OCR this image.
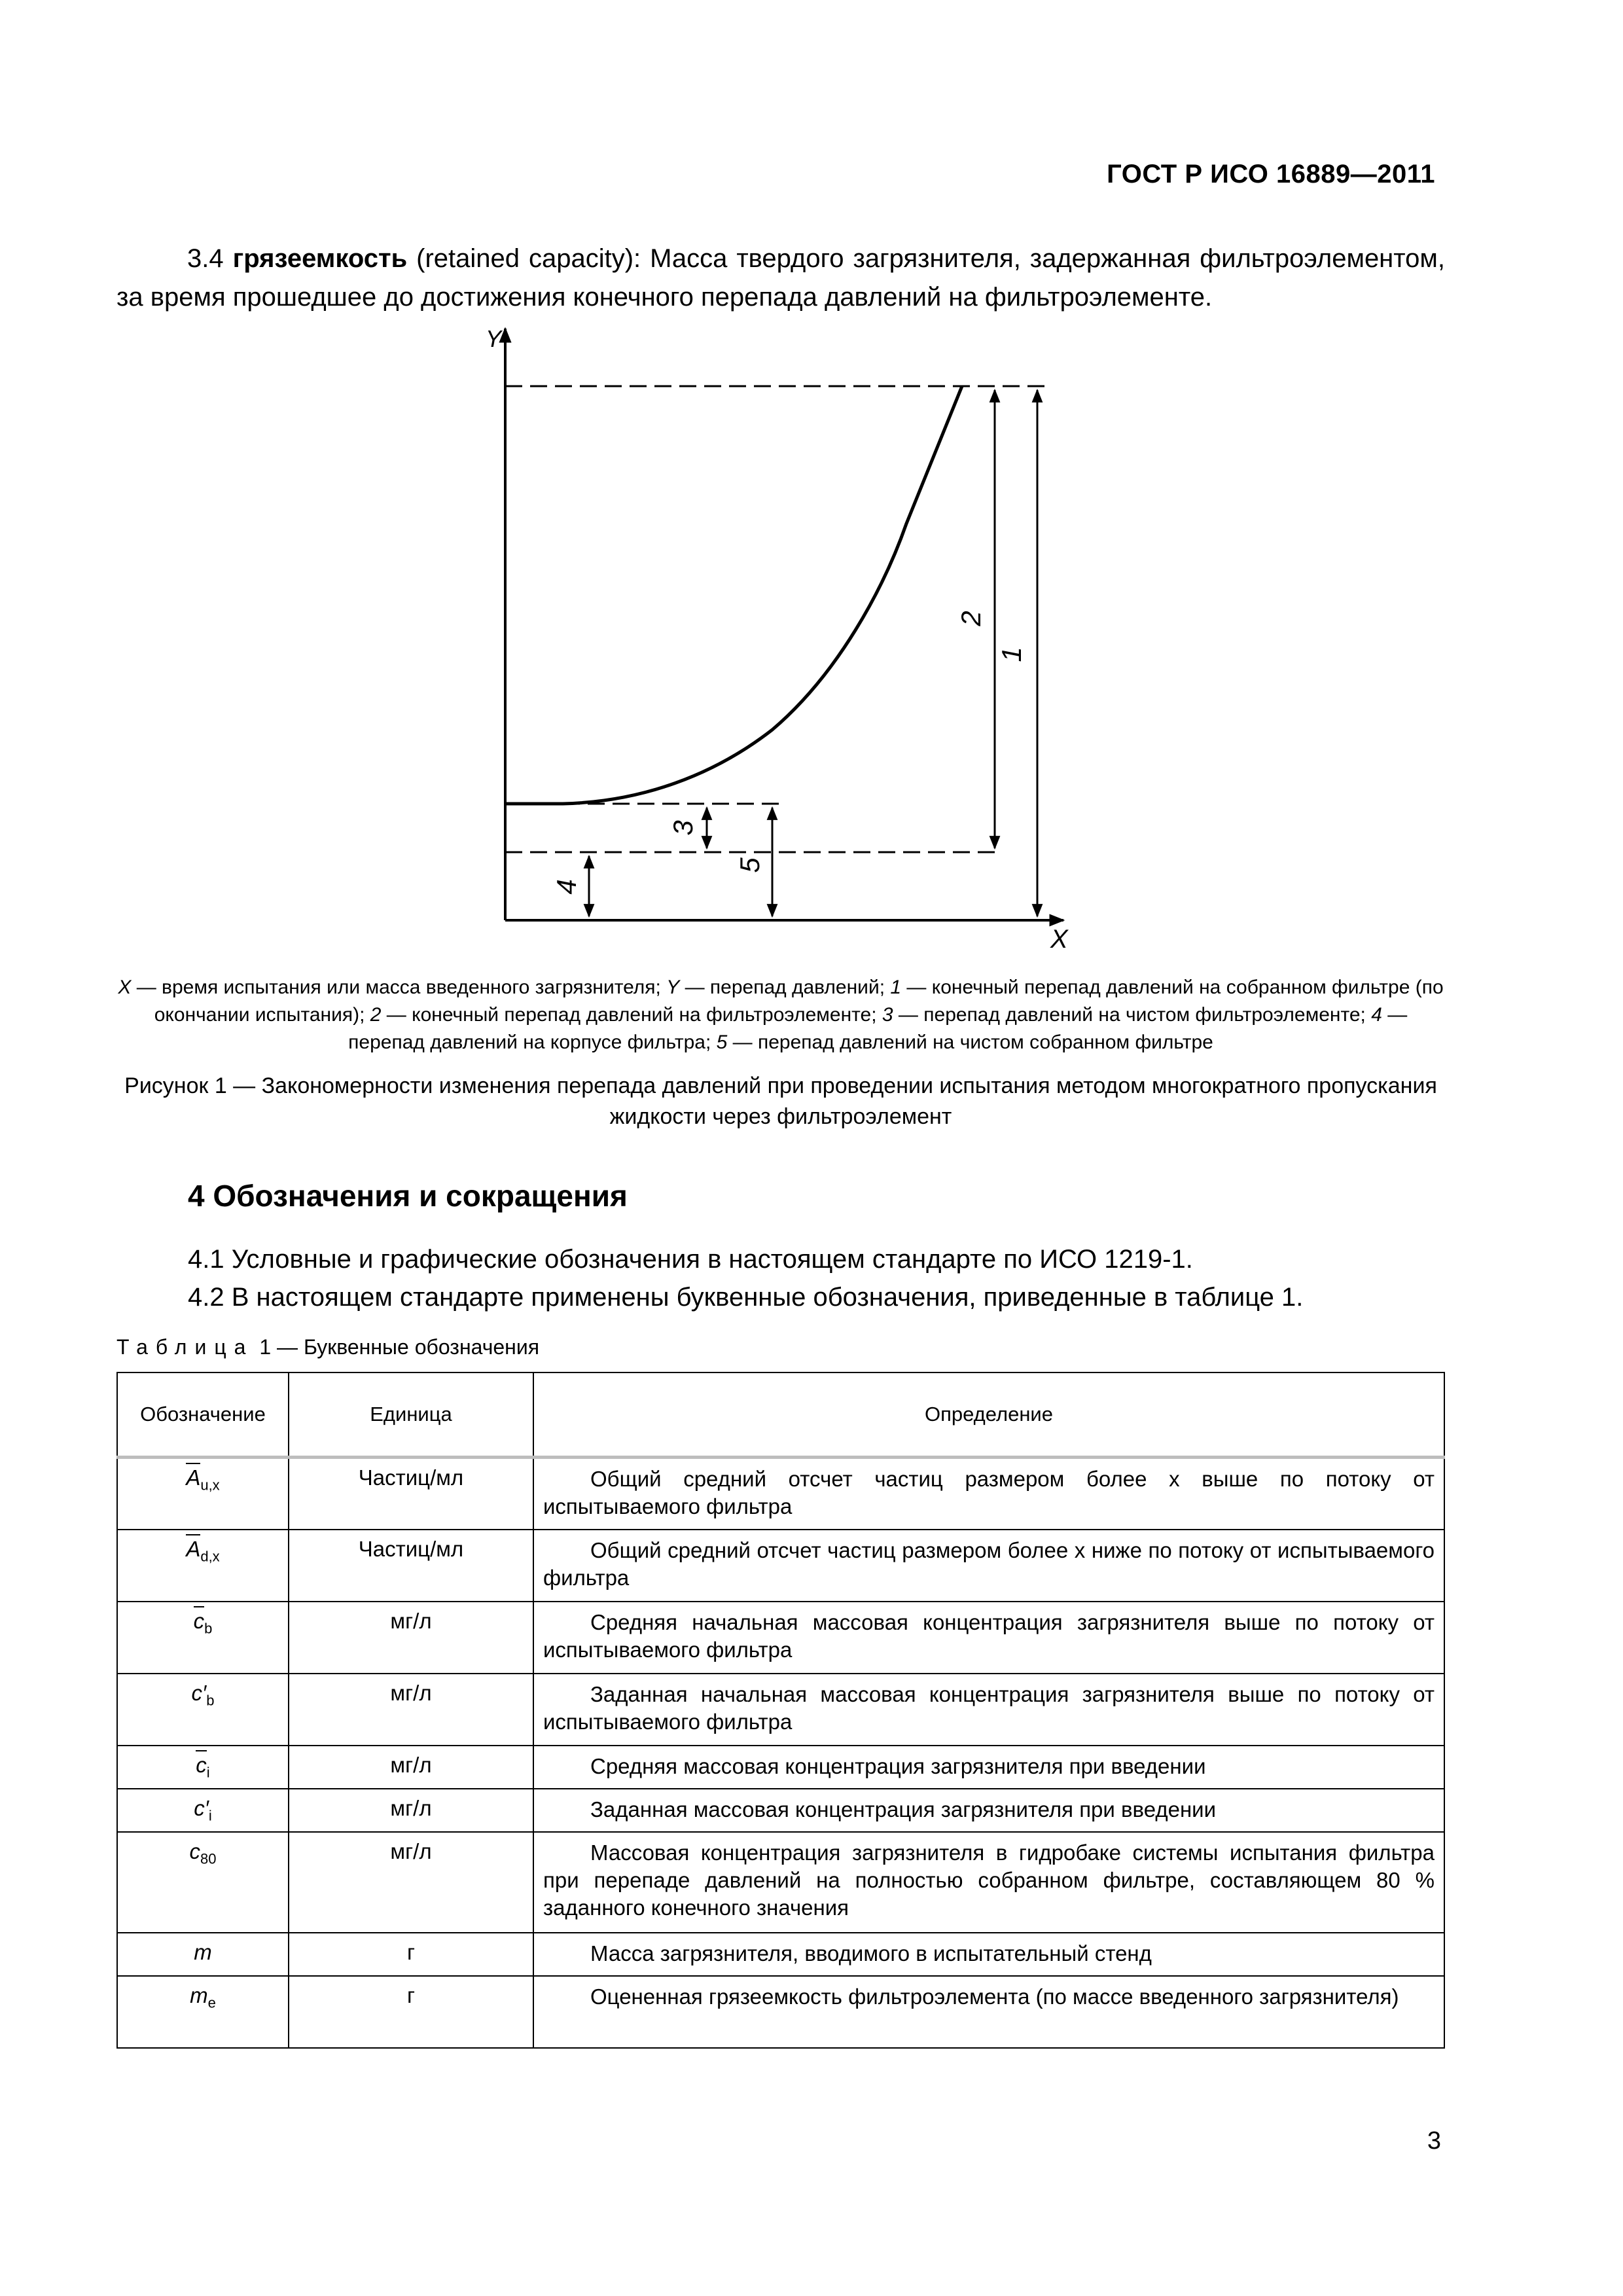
ГОСТ Р ИСО 16889—2011
3.4 грязеемкость (retained capacity): Масса твердого загрязнителя, задержанная фильтроэлементом, за время прошедшее до достижения конечного перепада давлений на фильтроэлементе.
Y
X
1
2
3
4
5
X — время испытания или масса введенного загрязнителя; Y — перепад давлений; 1 — конечный перепад давлений на собранном фильтре (по окончании испытания); 2 — конечный перепад давлений на фильтроэлементе; 3 — перепад давлений на чистом фильтроэлементе; 4 — перепад давлений на корпусе фильтра; 5 — перепад давлений на чистом собранном фильтре
Рисунок 1 — Закономерности изменения перепада давлений при проведении испытания методом многократного пропускания жидкости через фильтроэлемент
4 Обозначения и сокращения
4.1 Условные и графические обозначения в настоящем стандарте по ИСО 1219-1.
4.2 В настоящем стандарте применены буквенные обозначения, приведенные в таблице 1.
Таблица 1 — Буквенные обозначения
Обозначение	Единица	Определение
$A_{u,x}$	Частиц/мл	Общий средний отсчет частиц размером более x выше по потоку от испытываемого фильтра
$A_{d,x}$	Частиц/мл	Общий средний отсчет частиц размером более x ниже по потоку от испытываемого фильтра
$c_b$	мг/л	Средняя начальная массовая концентрация загрязнителя выше по потоку от испытываемого фильтра
$c'_b$	мг/л	Заданная начальная массовая концентрация загрязнителя выше по потоку от испытываемого фильтра
$c_i$	мг/л	Средняя массовая концентрация загрязнителя при введении
$c'_i$	мг/л	Заданная массовая концентрация загрязнителя при введении
$c_{80}$	мг/л	Массовая концентрация загрязнителя в гидробаке системы испытания фильтра при перепаде давлений на полностью собранном фильтре, составляющем 80 % заданного конечного значения
m	г	Масса загрязнителя, вводимого в испытательный стенд
$m_e$	г	Оцененная грязеемкость фильтроэлемента (по массе введенного загрязнителя)
3
